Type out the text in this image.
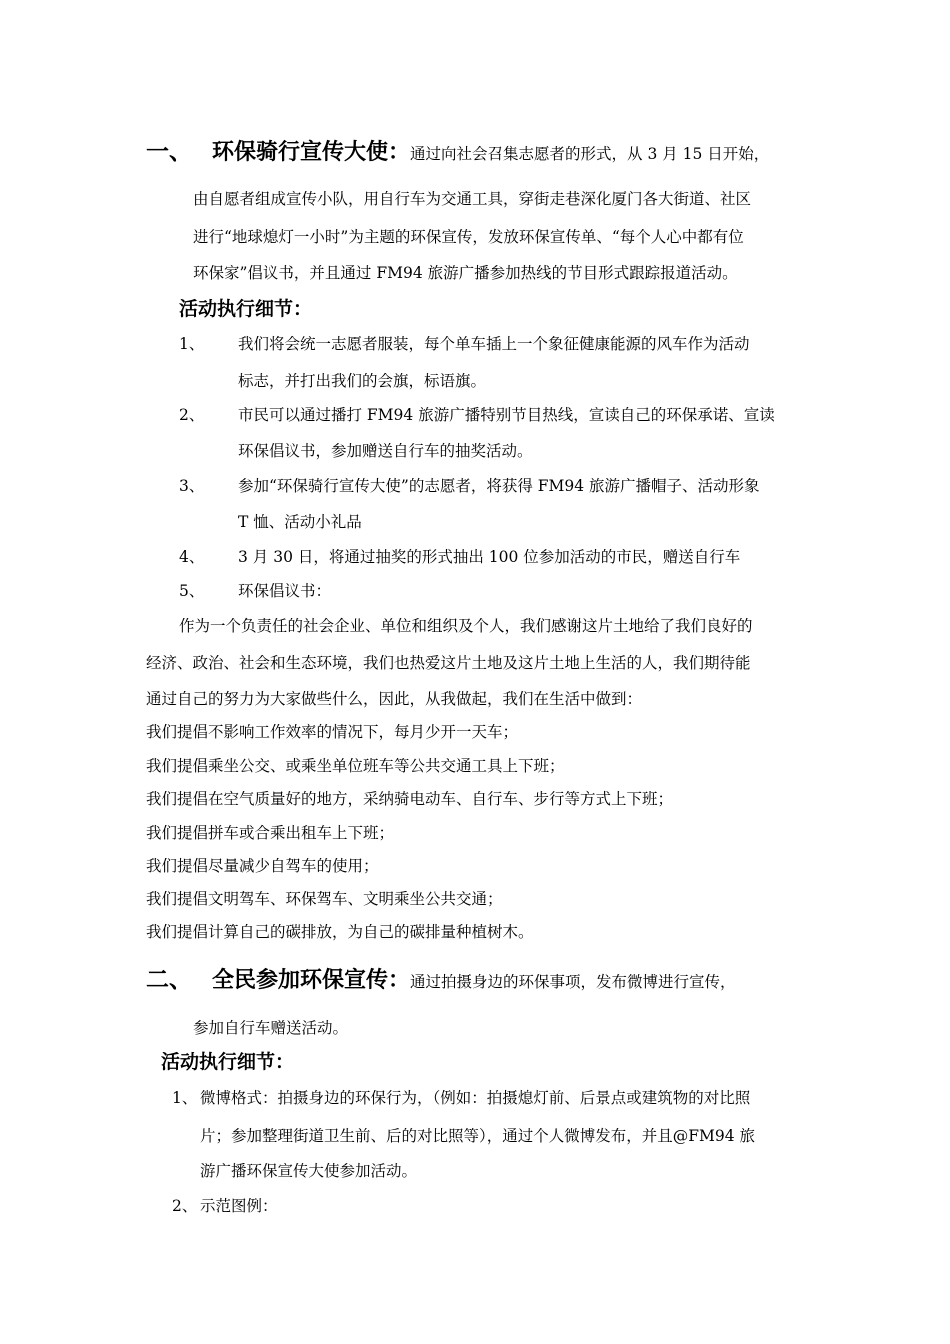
一、 环保骑行宣传大使：通过向社会召集志愿者的形式，从 3 月 15 日开始，
由自愿者组成宣传小队，用自行车为交通工具，穿街走巷深化厦门各大街道、社区
进行“地球熄灯一小时”为主题的环保宣传，发放环保宣传单、“每个人心中都有位
环保家”倡议书，并且通过 FM94 旅游广播参加热线的节目形式跟踪报道活动。
活动执行细节：
1、 我们将会统一志愿者服装，每个单车插上一个象征健康能源的风车作为活动
标志，并打出我们的会旗，标语旗。
2、 市民可以通过播打 FM94 旅游广播特别节目热线，宣读自己的环保承诺、宣读
环保倡议书，参加赠送自行车的抽奖活动。
3、 参加“环保骑行宣传大使”的志愿者，将获得 FM94 旅游广播帽子、活动形象
T 恤、活动小礼品
4、 3 月 30 日，将通过抽奖的形式抽出 100 位参加活动的市民，赠送自行车
5、 环保倡议书：
作为一个负责任的社会企业、单位和组织及个人，我们感谢这片土地给了我们良好的
经济、政治、社会和生态环境，我们也热爱这片土地及这片土地上生活的人，我们期待能
通过自己的努力为大家做些什么，因此，从我做起，我们在生活中做到：
我们提倡不影响工作效率的情况下，每月少开一天车；
我们提倡乘坐公交、或乘坐单位班车等公共交通工具上下班；
我们提倡在空气质量好的地方，采纳骑电动车、自行车、步行等方式上下班；
我们提倡拼车或合乘出租车上下班；
我们提倡尽量减少自驾车的使用；
我们提倡文明驾车、环保驾车、文明乘坐公共交通；
我们提倡计算自己的碳排放，为自己的碳排量种植树木。
二、 全民参加环保宣传：通过拍摄身边的环保事项，发布微博进行宣传，
参加自行车赠送活动。
活动执行细节：
1、 微博格式：拍摄身边的环保行为，（例如：拍摄熄灯前、后景点或建筑物的对比照
片；参加整理街道卫生前、后的对比照等），通过个人微博发布，并且@FM94 旅
游广播环保宣传大使参加活动。
2、 示范图例：
